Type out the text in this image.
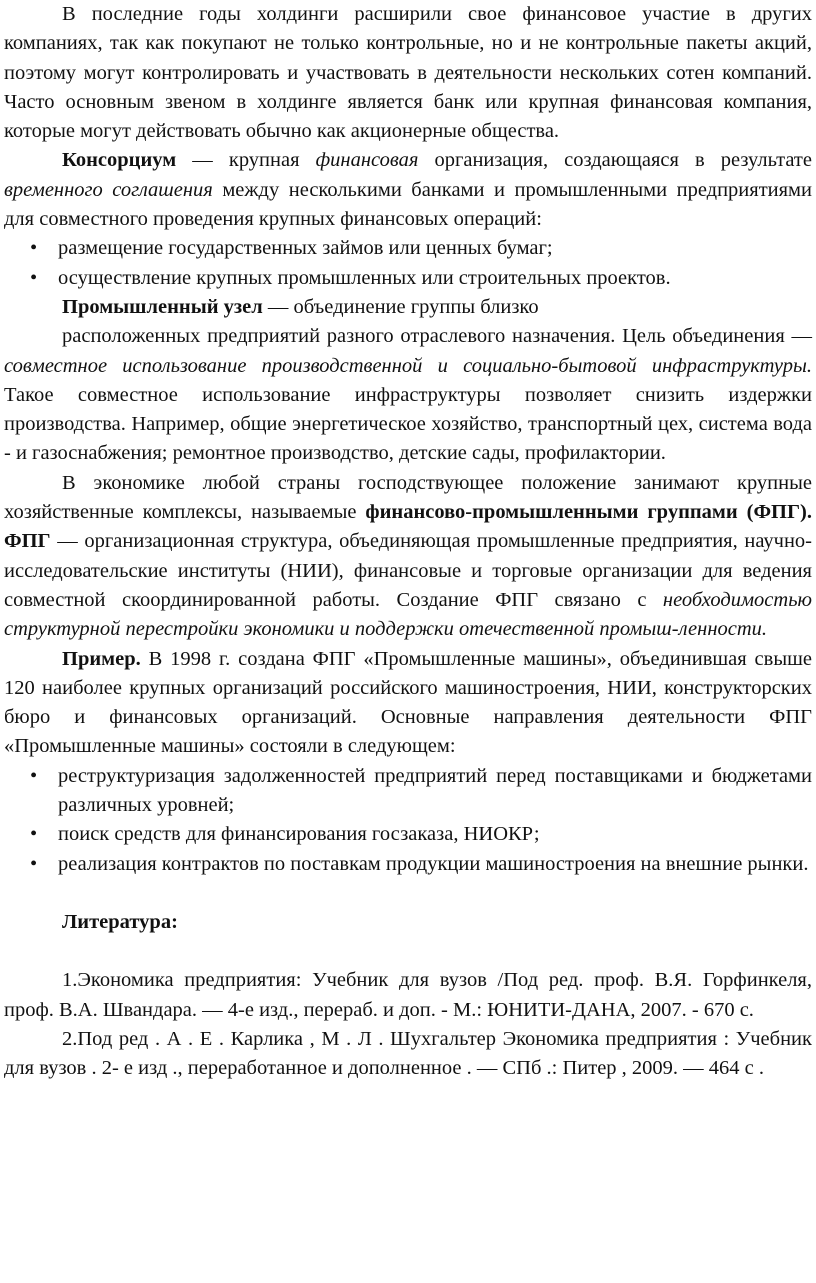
В последние годы холдинги расширили свое финансовое участие в других компаниях, так как покупают не только контрольные, но и не контрольные пакеты акций, поэтому могут контролировать и участвовать в деятельности нескольких сотен компаний. Часто основным звеном в холдинге является банк или крупная финансовая компания, которые могут действовать обычно как акционерные общества.

Консорциум — крупная финансовая организация, создающаяся в результате временного соглашения между несколькими банками и промышленными предприятиями для совместного проведения крупных финансовых операций:

• размещение государственных займов или ценных бумаг;
• осуществление крупных промышленных или строительных проектов.

Промышленный узел — объединение группы близко

расположенных предприятий разного отраслевого назначения. Цель объединения — совместное использование производственной и социально-бытовой инфраструктуры. Такое совместное использование инфраструктуры позволяет снизить издержки производства. Например, общие энергетическое хозяйство, транспортный цех, система вода - и газоснабжения; ремонтное производство, детские сады, профилактории.

В экономике любой страны господствующее положение занимают крупные хозяйственные комплексы, называемые финансово-промышленными группами (ФПГ). ФПГ — организационная структура, объединяющая промышленные предприятия, научно-исследовательские институты (НИИ), финансовые и торговые организации для ведения совместной скоординированной работы. Создание ФПГ связано с необходимостью структурной перестройки экономики и поддержки отечественной промыш-ленности.

Пример. В 1998 г. создана ФПГ «Промышленные машины», объединившая свыше 120 наиболее крупных организаций российского машиностроения, НИИ, конструкторских бюро и финансовых организаций. Основные направления деятельности ФПГ «Промышленные машины» состояли в следующем:

• реструктуризация задолженностей предприятий перед поставщиками и бюджетами различных уровней;
• поиск средств для финансирования госзаказа, НИОКР;
• реализация контрактов по поставкам продукции машиностроения на внешние рынки.

Литература:

1.Экономика предприятия: Учебник для вузов /Под ред. проф. В.Я. Горфинкеля, проф. В.А. Швандара. — 4-е изд., перераб. и доп. - М.: ЮНИТИ-ДАНА, 2007. - 670 с.

2.Под ред . А . Е . Карлика , М . Л . Шухгальтер Экономика предприятия : Учебник для вузов . 2- е изд ., переработанное и дополненное . — СПб .: Питер , 2009. — 464 с .
